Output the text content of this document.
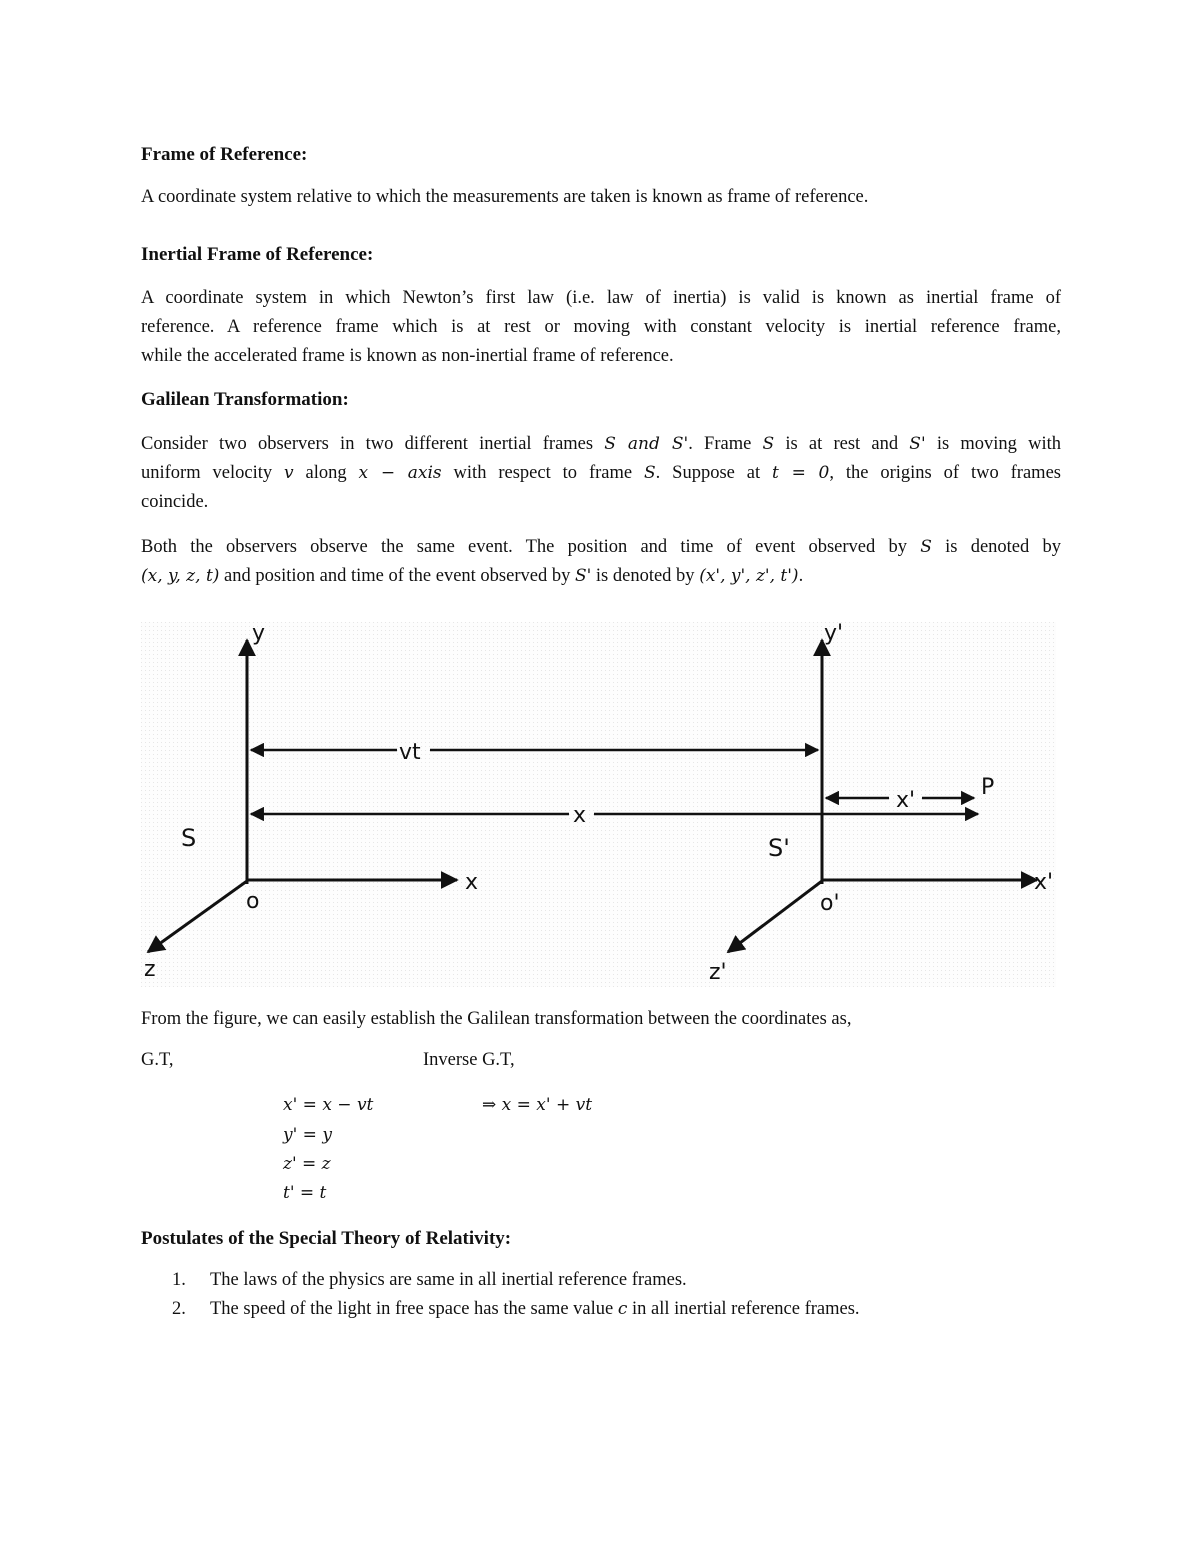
Frame of Reference:
A coordinate system relative to which the measurements are taken is known as frame of reference.
Inertial Frame of Reference:
A coordinate system in which Newton’s first law (i.e. law of inertia) is valid is known as inertial frame of
reference. A reference frame which is at rest or moving with constant velocity is inertial reference frame,
while the accelerated frame is known as non-inertial frame of reference.
Galilean Transformation:
Consider two observers in two different inertial frames S and S'. Frame S is at rest and S' is moving with
uniform velocity v along x − axis with respect to frame S. Suppose at t = 0, the origins of two frames
coincide.
Both the observers observe the same event. The position and time of event observed by S is denoted by
(x, y, z, t) and position and time of the event observed by S' is denoted by (x', y', z', t').
y	y'
x	x'
z	z'
o	o'
S	S'
vt
x
x'
P
From the figure, we can easily establish the Galilean transformation between the coordinates as,
G.T,	Inverse G.T,
x' = x − vt
y' = y
z' = z
t' = t
⇒ x = x' + vt
Postulates of the Special Theory of Relativity:
1. The laws of the physics are same in all inertial reference frames.
2. The speed of the light in free space has the same value c in all inertial reference frames.
